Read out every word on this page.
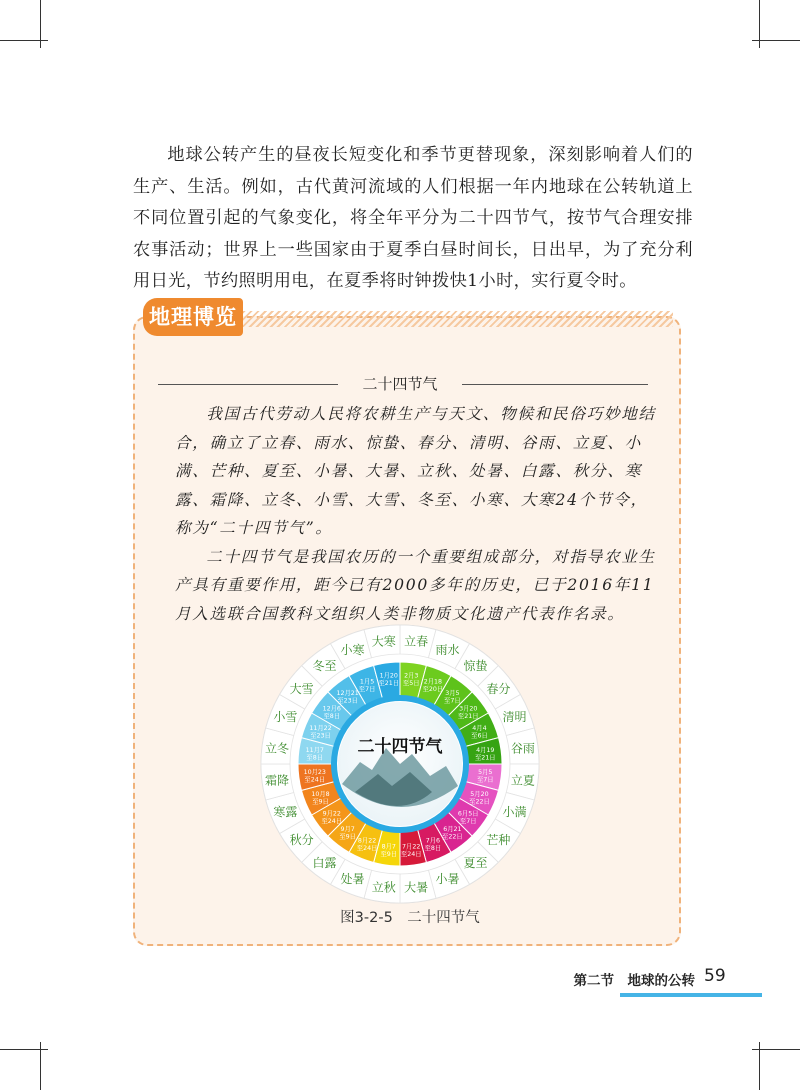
地球公转产生的昼夜长短变化和季节更替现象，深刻影响着人们的生产、生活。例如，古代黄河流域的人们根据一年内地球在公转轨道上不同位置引起的气象变化，将全年平分为二十四节气，按节气合理安排农事活动；世界上一些国家由于夏季白昼时间长，日出早，为了充分利用日光，节约照明用电，在夏季将时钟拨快1小时，实行夏令时。

地理博览
二十四节气

我国古代劳动人民将农耕生产与天文、物候和民俗巧妙地结合，确立了立春、雨水、惊蛰、春分、清明、谷雨、立夏、小满、芒种、夏至、小暑、大暑、立秋、处暑、白露、秋分、寒露、霜降、立冬、小雪、大雪、冬至、小寒、大寒24个节令，称为“二十四节气”。

二十四节气是我国农历的一个重要组成部分，对指导农业生产具有重要作用，距今已有2000多年的历史，已于2016年11月入选联合国教科文组织人类非物质文化遗产代表作名录。

2月3 至5日 2月18 至20日
3月5 至7日
3月20 至21日
4月4 至6日
4月19 至21日
5月5 至7日
5月20 至22日
6月5日至7日
6月21 至22日
7月6 至8日
7月22 至24日
8月7 至9日
8月22 至24日
9月7 至9日
9月22 至24日
10月8 至9日
10月23 至24日
11月7 至8日
11月22 至23日
12月6 至8日
12月21 至23日
1月5 至7日
1月20 至21日
立春
雨水
惊蛰
春分
清明
谷雨
立夏
小满
芒种
夏至
小暑
大暑
立秋
处暑
白露
秋分
寒露
霜降
立冬
小雪
大雪
冬至
小寒
大寒
二十四节气
图3-2-5　二十四节气
第二节　地球的公转 59
